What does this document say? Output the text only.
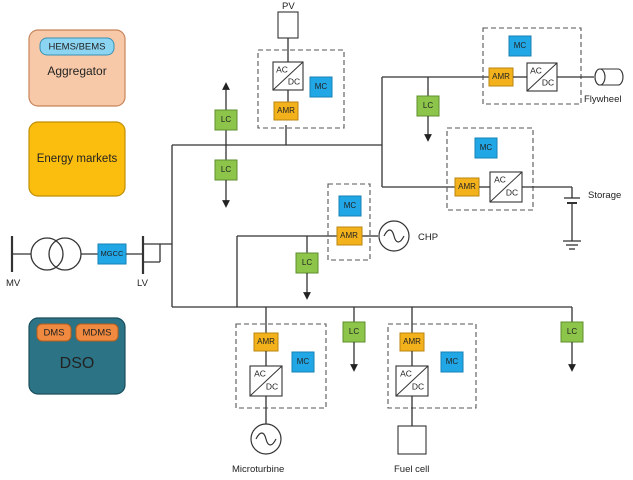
HEMS/BEMS
Aggregator
Energy markets
DMS MDMS
DSO
MV
MGCC
LV
PV
AC
DC
AMR
MC
LC
LC
LC
MC
AMR
AC
DC
Flywheel
MC
AMR
AC
DC	Storage
MC
AMR	CHP
LC
AMR
MC
AC
DC
Microturbine
LC
AMR
MC
AC
DC
Fuel cell
LC
